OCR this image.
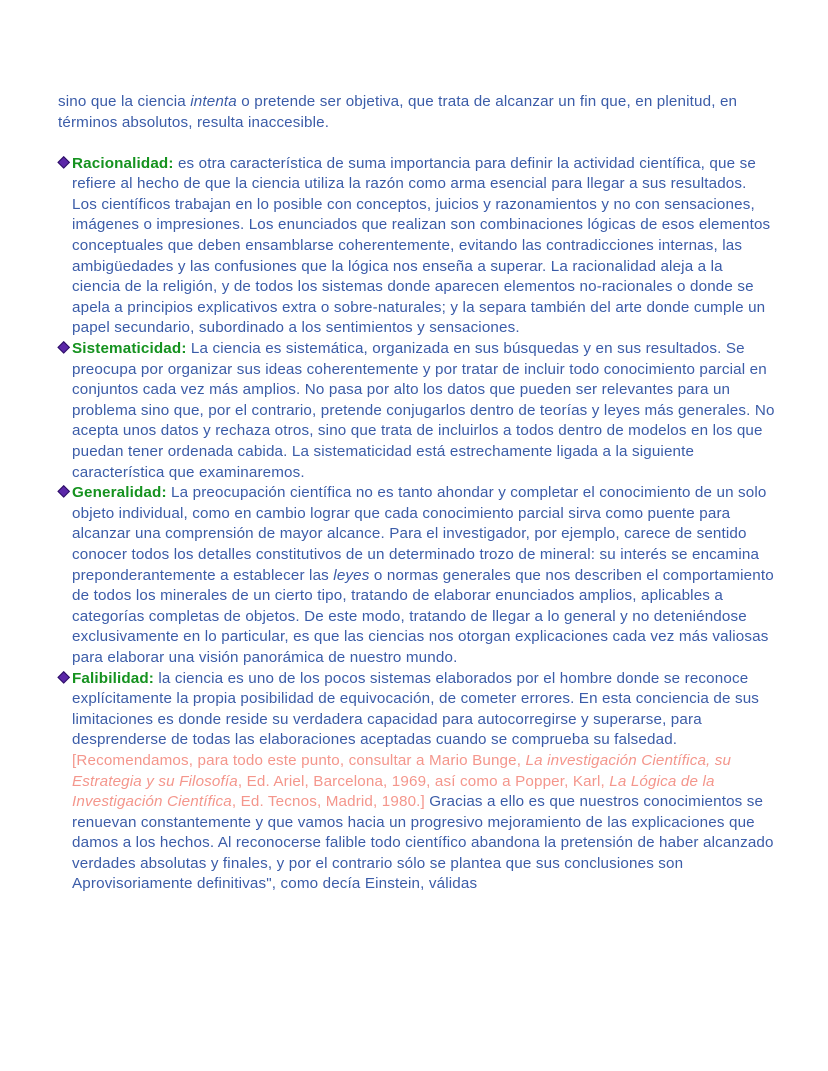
sino que la ciencia intenta o pretende ser objetiva, que trata de alcanzar un fin que, en plenitud, en términos absolutos, resulta inaccesible.

Racionalidad: es otra característica de suma importancia para definir la actividad científica, que se refiere al hecho de que la ciencia utiliza la razón como arma esencial para llegar a sus resultados. Los científicos trabajan en lo posible con conceptos, juicios y razonamientos y no con sensaciones, imágenes o impresiones. Los enunciados que realizan son combinaciones lógicas de esos elementos conceptuales que deben ensamblarse coherentemente, evitando las contradicciones internas, las ambigüedades y las confusiones que la lógica nos enseña a superar. La racionalidad aleja a la ciencia de la religión, y de todos los sistemas donde aparecen elementos no-racionales o donde se apela a principios explicativos extra o sobre-naturales; y la separa también del arte donde cumple un papel secundario, subordinado a los sentimientos y sensaciones.

Sistematicidad: La ciencia es sistemática, organizada en sus búsquedas y en sus resultados. Se preocupa por organizar sus ideas coherentemente y por tratar de incluir todo conocimiento parcial en conjuntos cada vez más amplios. No pasa por alto los datos que pueden ser relevantes para un problema sino que, por el contrario, pretende conjugarlos dentro de teorías y leyes más generales. No acepta unos datos y rechaza otros, sino que trata de incluirlos a todos dentro de modelos en los que puedan tener ordenada cabida. La sistematicidad está estrechamente ligada a la siguiente característica que examinaremos.

Generalidad: La preocupación científica no es tanto ahondar y completar el conocimiento de un solo objeto individual, como en cambio lograr que cada conocimiento parcial sirva como puente para alcanzar una comprensión de mayor alcance. Para el investigador, por ejemplo, carece de sentido conocer todos los detalles constitutivos de un determinado trozo de mineral: su interés se encamina preponderantemente a establecer las leyes o normas generales que nos describen el comportamiento de todos los minerales de un cierto tipo, tratando de elaborar enunciados amplios, aplicables a categorías completas de objetos. De este modo, tratando de llegar a lo general y no deteniéndose exclusivamente en lo particular, es que las ciencias nos otorgan explicaciones cada vez más valiosas para elaborar una visión panorámica de nuestro mundo.

Falibilidad: la ciencia es uno de los pocos sistemas elaborados por el hombre donde se reconoce explícitamente la propia posibilidad de equivocación, de cometer errores. En esta conciencia de sus limitaciones es donde reside su verdadera capacidad para autocorregirse y superarse, para desprenderse de todas las elaboraciones aceptadas cuando se comprueba su falsedad. [Recomendamos, para todo este punto, consultar a Mario Bunge, La investigación Científica, su Estrategia y su Filosofía, Ed. Ariel, Barcelona, 1969, así como a Popper, Karl, La Lógica de la Investigación Científica, Ed. Tecnos, Madrid, 1980.] Gracias a ello es que nuestros conocimientos se renuevan constantemente y que vamos hacia un progresivo mejoramiento de las explicaciones que damos a los hechos. Al reconocerse falible todo científico abandona la pretensión de haber alcanzado verdades absolutas y finales, y por el contrario sólo se plantea que sus conclusiones son Aprovisoriamente definitivas", como decía Einstein, válidas
